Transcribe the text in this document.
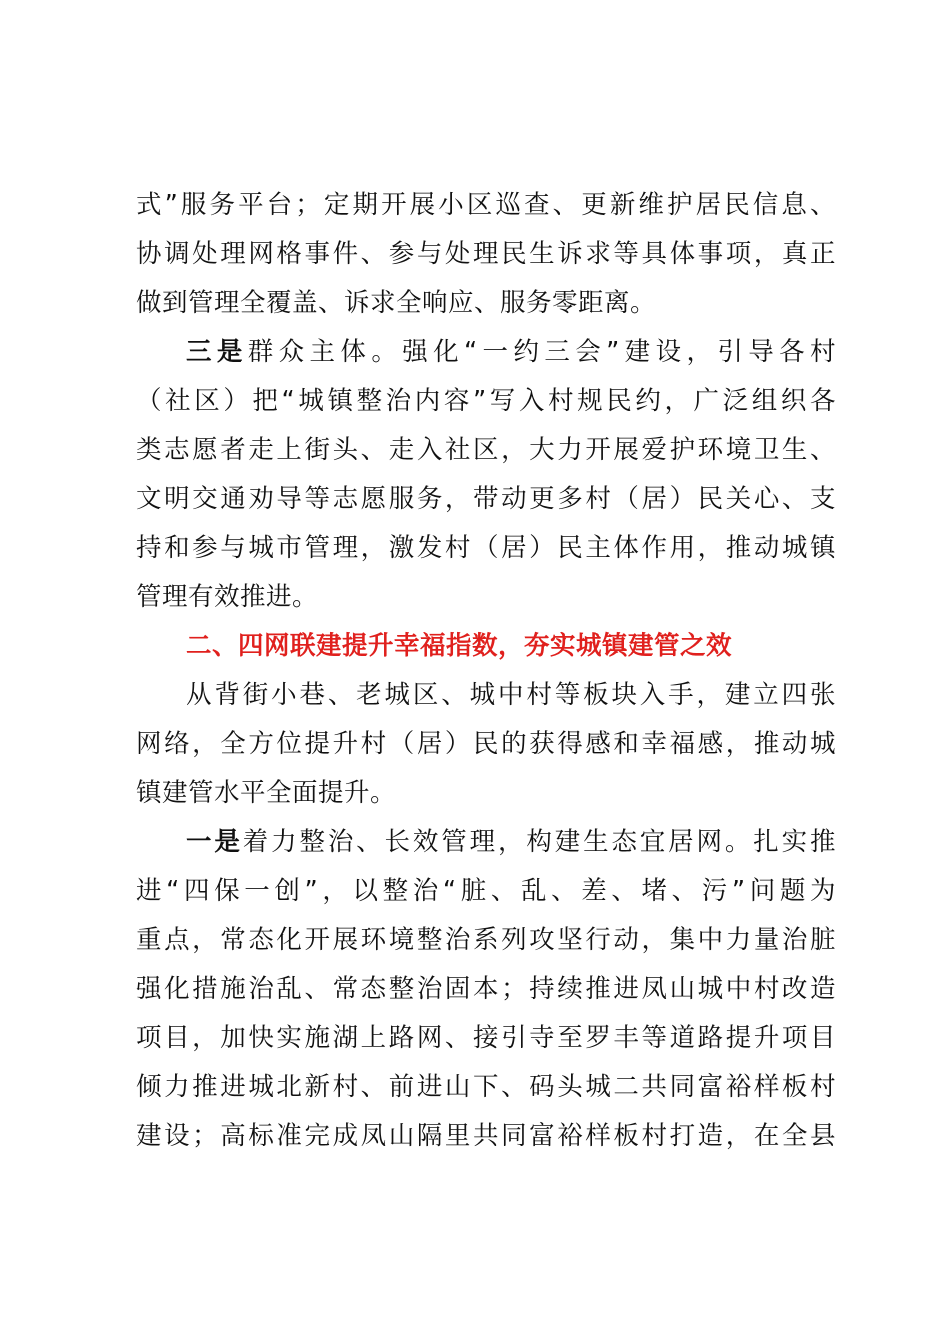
式”服务平台；定期开展小区巡查、更新维护居民信息、
协调处理网格事件、参与处理民生诉求等具体事项，真正
做到管理全覆盖、诉求全响应、服务零距离。
三是群众主体。强化“一约三会”建设，引导各村
（社区）把“城镇整治内容”写入村规民约，广泛组织各
类志愿者走上街头、走入社区，大力开展爱护环境卫生、
文明交通劝导等志愿服务，带动更多村（居）民关心、支
持和参与城市管理，激发村（居）民主体作用，推动城镇
管理有效推进。
二、四网联建提升幸福指数，夯实城镇建管之效
从背街小巷、老城区、城中村等板块入手，建立四张
网络，全方位提升村（居）民的获得感和幸福感，推动城
镇建管水平全面提升。
一是着力整治、长效管理，构建生态宜居网。扎实推
进“四保一创”，以整治“脏、乱、差、堵、污”问题为
重点，常态化开展环境整治系列攻坚行动，集中力量治脏
强化措施治乱、常态整治固本；持续推进凤山城中村改造
项目，加快实施湖上路网、接引寺至罗丰等道路提升项目
倾力推进城北新村、前进山下、码头城二共同富裕样板村
建设；高标准完成凤山隔里共同富裕样板村打造，在全县
